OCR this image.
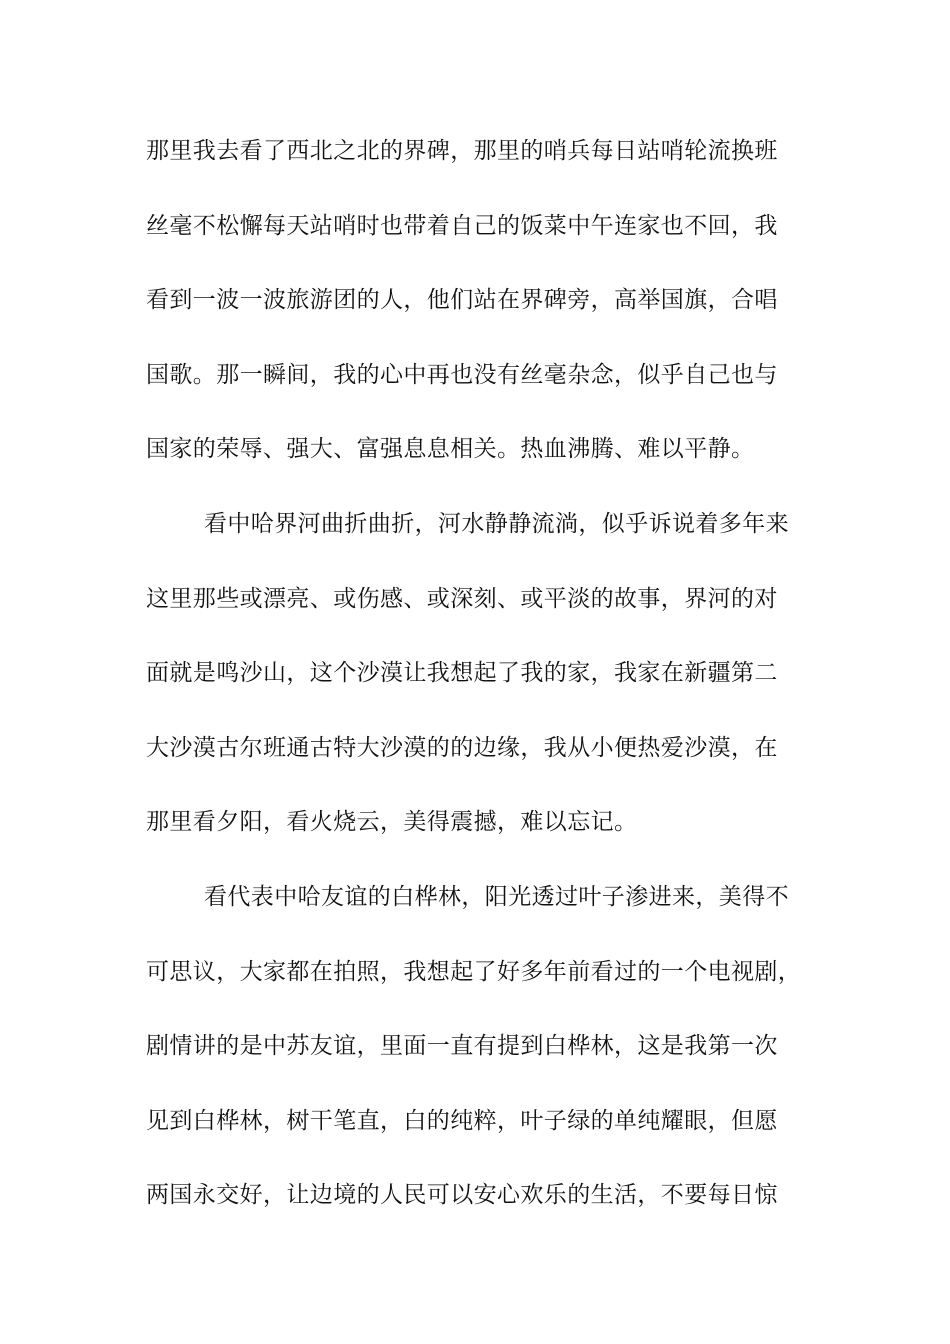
那里我去看了西北之北的界碑，那里的哨兵每日站哨轮流换班
丝毫不松懈每天站哨时也带着自己的饭菜中午连家也不回，我
看到一波一波旅游团的人，他们站在界碑旁，高举国旗，合唱
国歌。那一瞬间，我的心中再也没有丝毫杂念，似乎自己也与
国家的荣辱、强大、富强息息相关。热血沸腾、难以平静。
看中哈界河曲折曲折，河水静静流淌，似乎诉说着多年来
这里那些或漂亮、或伤感、或深刻、或平淡的故事，界河的对
面就是鸣沙山，这个沙漠让我想起了我的家，我家在新疆第二
大沙漠古尔班通古特大沙漠的的边缘，我从小便热爱沙漠，在
那里看夕阳，看火烧云，美得震撼，难以忘记。
看代表中哈友谊的白桦林，阳光透过叶子渗进来，美得不
可思议，大家都在拍照，我想起了好多年前看过的一个电视剧，
剧情讲的是中苏友谊，里面一直有提到白桦林，这是我第一次
见到白桦林，树干笔直，白的纯粹，叶子绿的单纯耀眼，但愿
两国永交好，让边境的人民可以安心欢乐的生活，不要每日惊
